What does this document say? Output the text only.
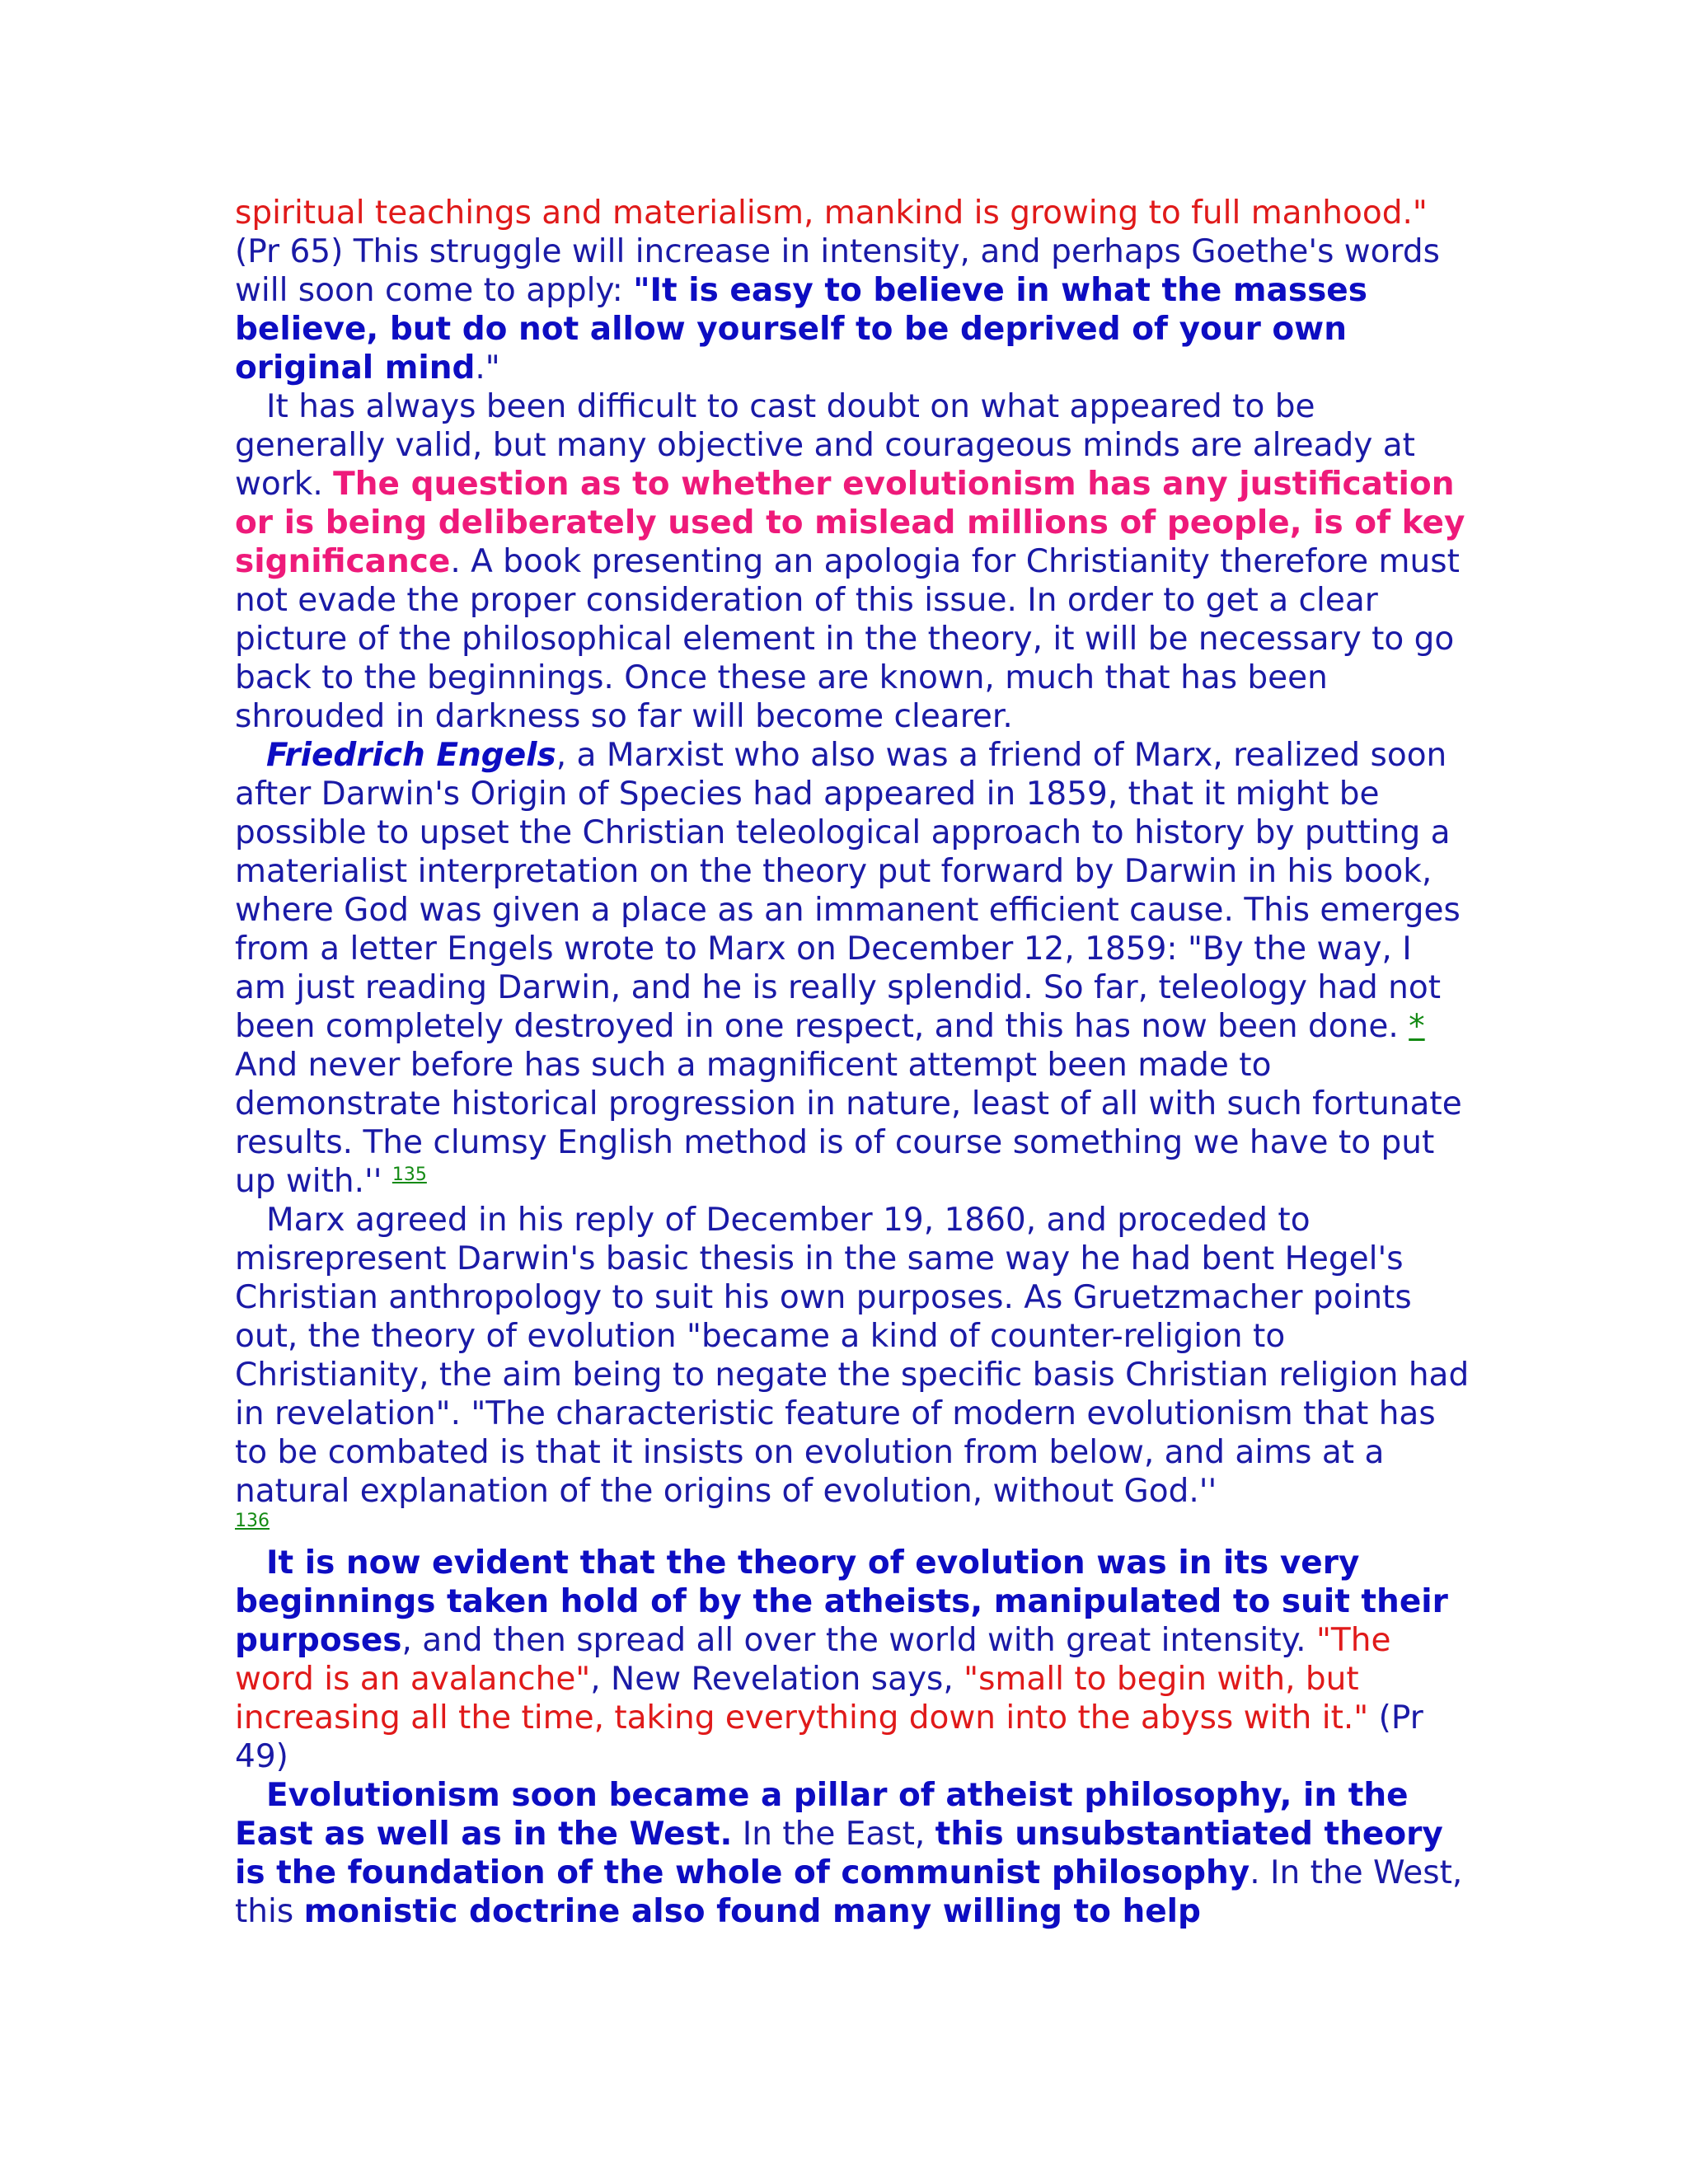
spiritual teachings and materialism, mankind is growing to full manhood." (Pr 65) This struggle will increase in intensity, and perhaps Goethe's words will soon come to apply: "It is easy to believe in what the masses believe, but do not allow yourself to be deprived of your own original mind."

It has always been difficult to cast doubt on what appeared to be generally valid, but many objective and courageous minds are already at work. The question as to whether evolutionism has any justification or is being deliberately used to mislead millions of people, is of key significance. A book presenting an apologia for Christianity therefore must not evade the proper consideration of this issue. In order to get a clear picture of the philosophical element in the theory, it will be necessary to go back to the beginnings. Once these are known, much that has been shrouded in darkness so far will become clearer.

Friedrich Engels, a Marxist who also was a friend of Marx, realized soon after Darwin's Origin of Species had appeared in 1859, that it might be possible to upset the Christian teleological approach to history by putting a materialist interpretation on the theory put forward by Darwin in his book, where God was given a place as an immanent efficient cause. This emerges from a letter Engels wrote to Marx on December 12, 1859: "By the way, I am just reading Darwin, and he is really splendid. So far, teleology had not been completely destroyed in one respect, and this has now been done. * And never before has such a magnificent attempt been made to demonstrate historical progression in nature, least of all with such fortunate results. The clumsy English method is of course something we have to put up with.'' $^{135}$

Marx agreed in his reply of December 19, 1860, and proceded to misrepresent Darwin's basic thesis in the same way he had bent Hegel's Christian anthropology to suit his own purposes. As Gruetzmacher points out, the theory of evolution "became a kind of counter-religion to Christianity, the aim being to negate the specific basis Christian religion had in revelation". "The characteristic feature of modern evolutionism that has to be combated is that it insists on evolution from below, and aims at a natural explanation of the origins of evolution, without God.''

136

It is now evident that the theory of evolution was in its very beginnings taken hold of by the atheists, manipulated to suit their purposes, and then spread all over the world with great intensity. "The word is an avalanche", New Revelation says, "small to begin with, but increasing all the time, taking everything down into the abyss with it." (Pr 49)

Evolutionism soon became a pillar of atheist philosophy, in the East as well as in the West. In the East, this unsubstantiated theory is the foundation of the whole of communist philosophy. In the West, this monistic doctrine also found many willing to help
